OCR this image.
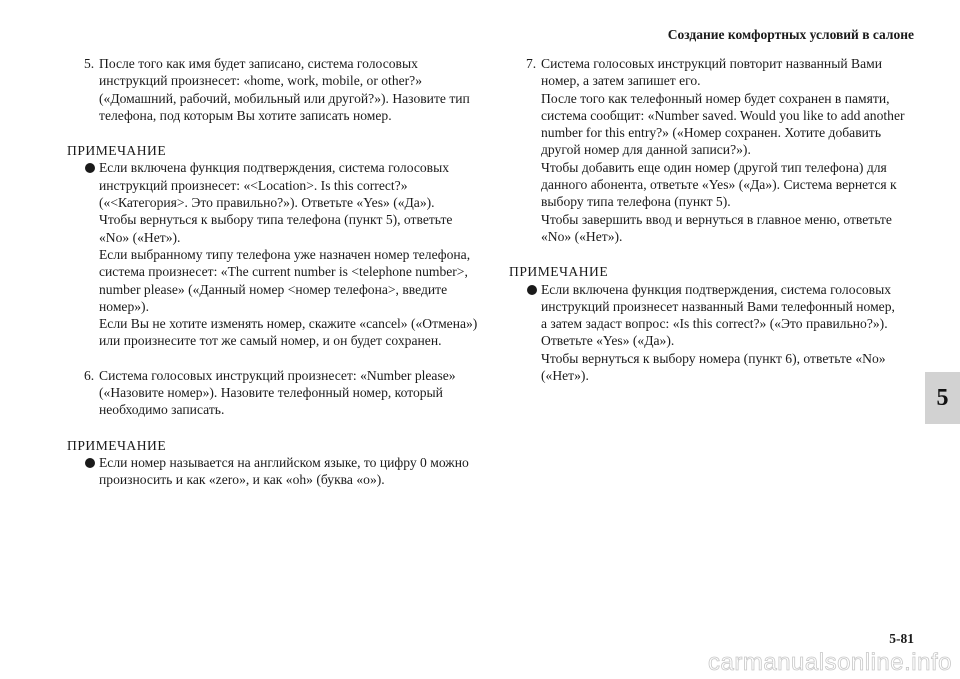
Создание комфортных условий в салоне
5. После того как имя будет записано, система голосовых
инструкций произнесет: «home, work, mobile, or other?»
(«Домашний, рабочий, мобильный или другой?»). Назовите тип
телефона, под которым Вы хотите записать номер.
ПРИМЕЧАНИЕ
Если включена функция подтверждения, система голосовых
инструкций произнесет: «<Location>. Is this correct?»
(«<Категория>. Это правильно?»). Ответьте «Yes» («Да»).
Чтобы вернуться к выбору типа телефона (пункт 5), ответьте
«No» («Нет»).
Если выбранному типу телефона уже назначен номер телефона,
система произнесет: «The current number is <telephone number>,
number please» («Данный номер <номер телефона>, введите
номер»).
Если Вы не хотите изменять номер, скажите «cancel» («Отмена»)
или произнесите тот же самый номер, и он будет сохранен.
6. Система голосовых инструкций произнесет: «Number please»
(«Назовите номер»). Назовите телефонный номер, который
необходимо записать.
ПРИМЕЧАНИЕ
Если номер называется на английском языке, то цифру 0 можно
произносить и как «zero», и как «oh» (буква «o»).
7. Система голосовых инструкций повторит названный Вами
номер, а затем запишет его.
После того как телефонный номер будет сохранен в памяти,
система сообщит: «Number saved. Would you like to add another
number for this entry?» («Номер сохранен. Хотите добавить
другой номер для данной записи?»).
Чтобы добавить еще один номер (другой тип телефона) для
данного абонента, ответьте «Yes» («Да»). Система вернется к
выбору типа телефона (пункт 5).
Чтобы завершить ввод и вернуться в главное меню, ответьте
«No» («Нет»).
ПРИМЕЧАНИЕ
Если включена функция подтверждения, система голосовых
инструкций произнесет названный Вами телефонный номер,
а затем задаст вопрос: «Is this correct?» («Это правильно?»).
Ответьте «Yes» («Да»).
Чтобы вернуться к выбору номера (пункт 6), ответьте «No»
(«Нет»).
5
5-81
carmanualsonline.info
